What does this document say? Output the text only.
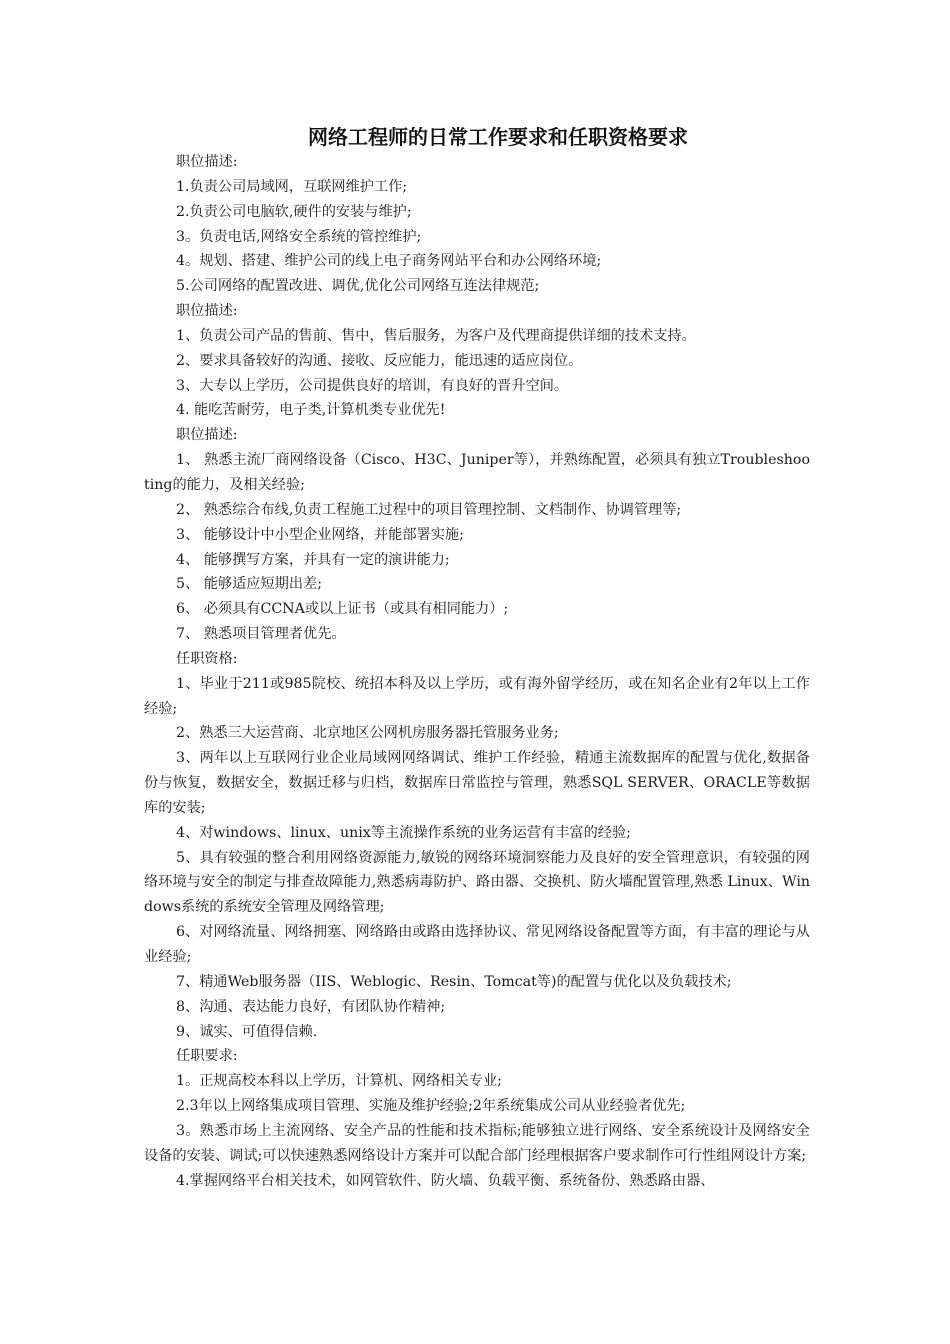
网络工程师的日常工作要求和任职资格要求

职位描述:

1.负责公司局域网，互联网维护工作;

2.负责公司电脑软,硬件的安装与维护;

3。负责电话,网络安全系统的管控维护;

4。规划、搭建、维护公司的线上电子商务网站平台和办公网络环境;

5.公司网络的配置改进、调优,优化公司网络互连法律规范;

职位描述:

1、负责公司产品的售前、售中，售后服务，为客户及代理商提供详细的技术支持。

2、要求具备较好的沟通、接收、反应能力，能迅速的适应岗位。

3、大专以上学历，公司提供良好的培训，有良好的晋升空间。

4. 能吃苦耐劳，电子类,计算机类专业优先!

职位描述:

1、 熟悉主流厂商网络设备（Cisco、H3C、Juniper等），并熟练配置，必须具有独立Troubleshooting的能力，及相关经验;

2、 熟悉综合布线,负责工程施工过程中的项目管理控制、文档制作、协调管理等;

3、 能够设计中小型企业网络，并能部署实施;

4、 能够撰写方案，并具有一定的演讲能力;

5、 能够适应短期出差;

6、 必须具有CCNA或以上证书（或具有相同能力）;

7、 熟悉项目管理者优先。

任职资格:

1、毕业于211或985院校、统招本科及以上学历，或有海外留学经历，或在知名企业有2年以上工作经验;

2、熟悉三大运营商、北京地区公网机房服务器托管服务业务;

3、两年以上互联网行业企业局域网网络调试、维护工作经验，精通主流数据库的配置与优化,数据备份与恢复，数据安全，数据迁移与归档，数据库日常监控与管理，熟悉SQL SERVER、ORACLE等数据库的安装;

4、对windows、linux、unix等主流操作系统的业务运营有丰富的经验;

5、具有较强的整合利用网络资源能力,敏锐的网络环境洞察能力及良好的安全管理意识，有较强的网络环境与安全的制定与排查故障能力,熟悉病毒防护、路由器、交换机、防火墙配置管理,熟悉 Linux、Windows系统的系统安全管理及网络管理;

6、对网络流量、网络拥塞、网络路由或路由选择协议、常见网络设备配置等方面，有丰富的理论与从业经验;

7、精通Web服务器（IIS、Weblogic、Resin、Tomcat等)的配置与优化以及负载技术;

8、沟通、表达能力良好，有团队协作精神;

9、诚实、可值得信赖.

任职要求:

1。正规高校本科以上学历，计算机、网络相关专业;

2.3年以上网络集成项目管理、实施及维护经验;2年系统集成公司从业经验者优先;

3。熟悉市场上主流网络、安全产品的性能和技术指标;能够独立进行网络、安全系统设计及网络安全设备的安装、调试;可以快速熟悉网络设计方案并可以配合部门经理根据客户要求制作可行性组网设计方案;

4.掌握网络平台相关技术，如网管软件、防火墙、负载平衡、系统备份、熟悉路由器、
